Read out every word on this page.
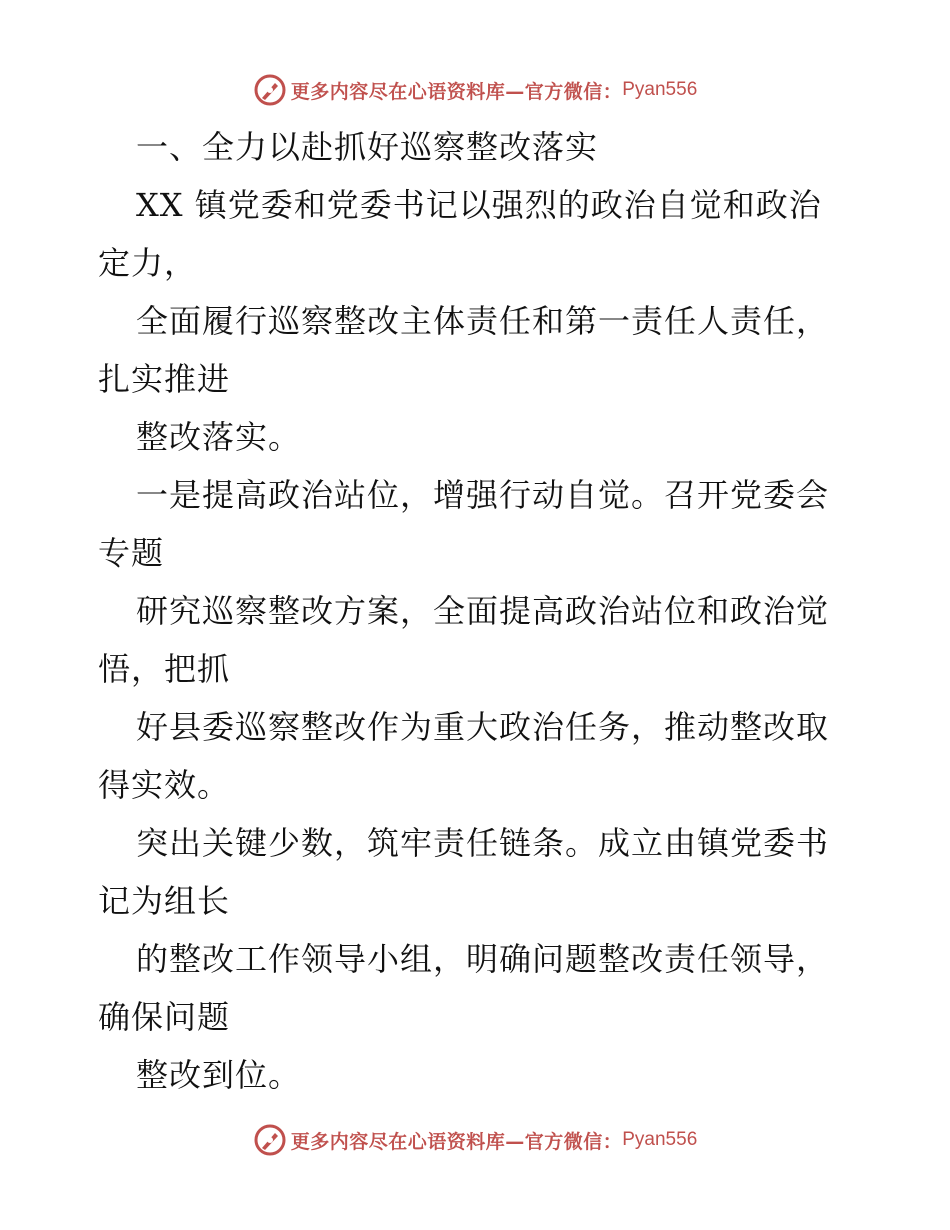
更多内容尽在心语资料库—官方微信： Pyan556
一、全力以赴抓好巡察整改落实
XX 镇党委和党委书记以强烈的政治自觉和政治
定力，
全面履行巡察整改主体责任和第一责任人责任，
扎实推进
整改落实。
一是提高政治站位，增强行动自觉。召开党委会
专题
研究巡察整改方案，全面提高政治站位和政治觉
悟，把抓
好县委巡察整改作为重大政治任务，推动整改取
得实效。
突出关键少数，筑牢责任链条。成立由镇党委书
记为组长
的整改工作领导小组，明确问题整改责任领导，
确保问题
整改到位。
更多内容尽在心语资料库—官方微信： Pyan556
